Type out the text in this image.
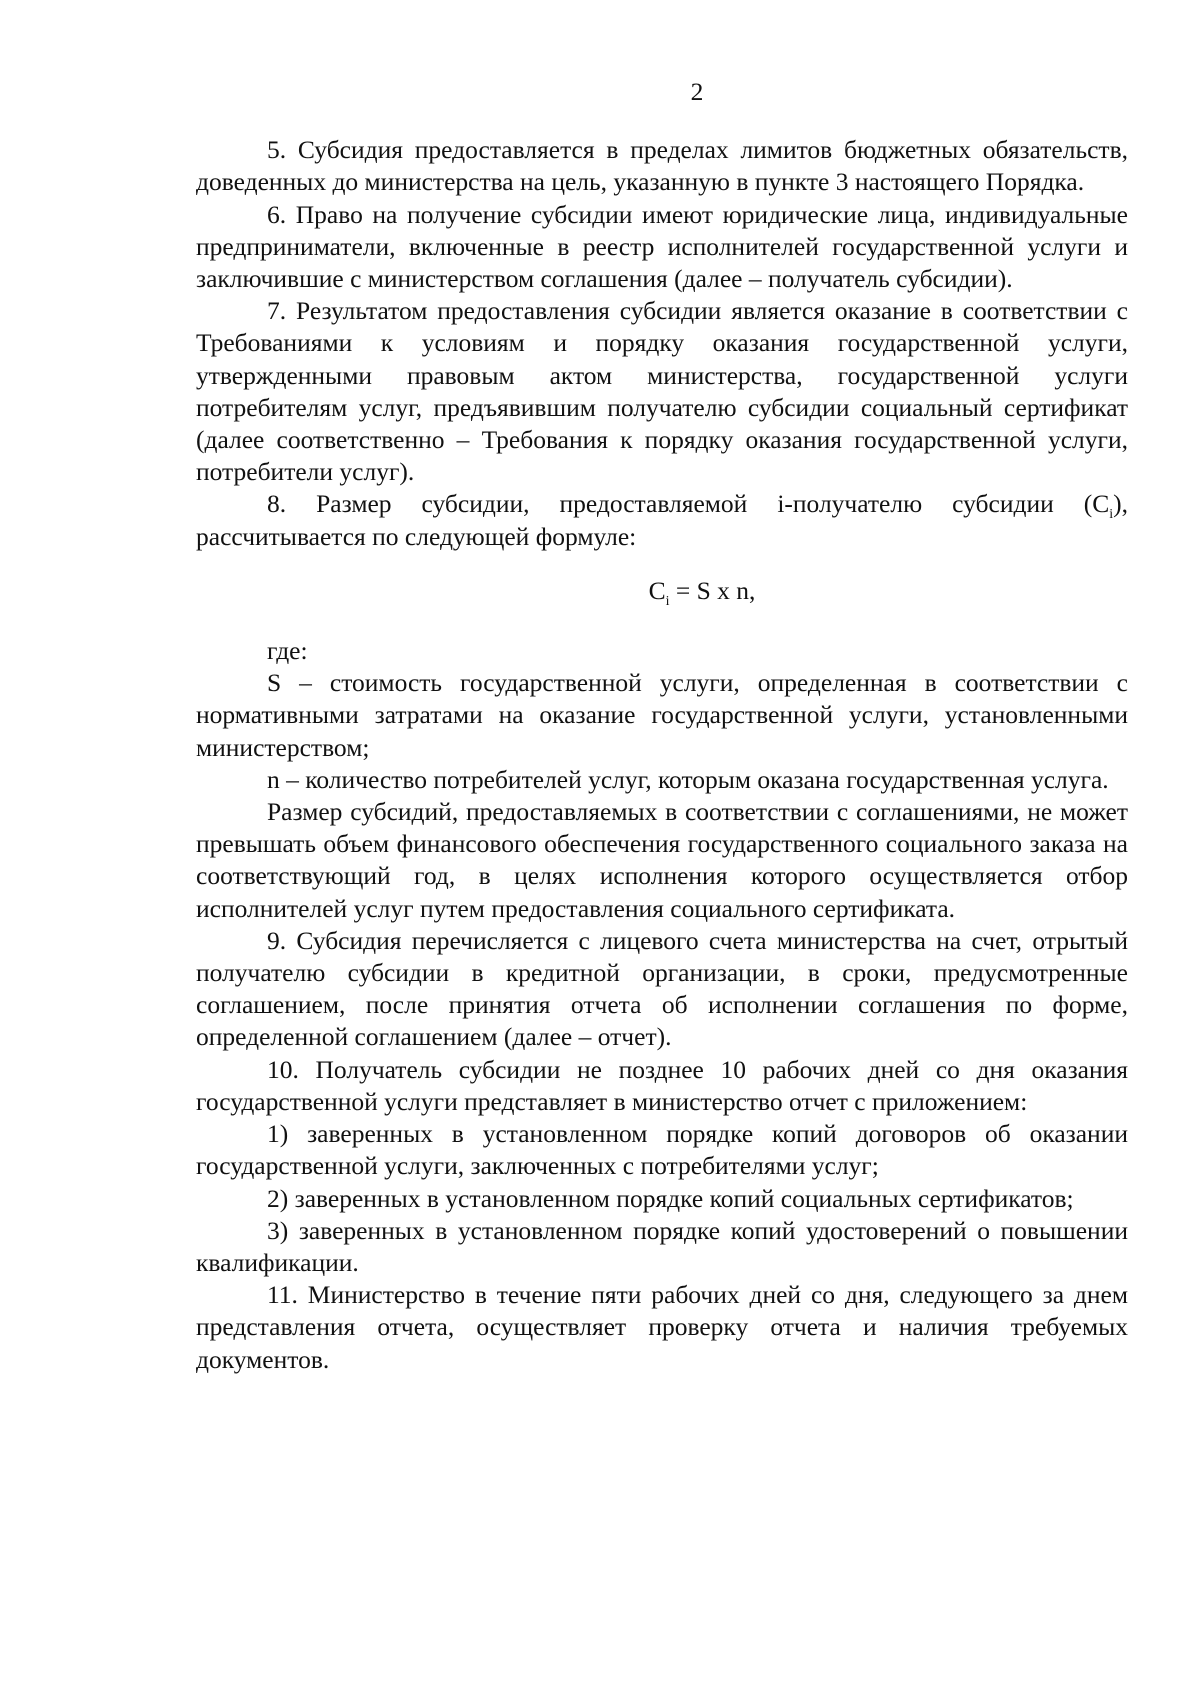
2

5. Субсидия предоставляется в пределах лимитов бюджетных обязательств, доведенных до министерства на цель, указанную в пункте 3 настоящего Порядка.

6. Право на получение субсидии имеют юридические лица, индивидуальные предприниматели, включенные в реестр исполнителей государственной услуги и заключившие с министерством соглашения (далее – получатель субсидии).

7. Результатом предоставления субсидии является оказание в соответствии с Требованиями к условиям и порядку оказания государственной услуги, утвержденными правовым актом министерства, государственной услуги потребителям услуг, предъявившим получателю субсидии социальный сертификат (далее соответственно – Требования к порядку оказания государственной услуги, потребители услуг).

8. Размер субсидии, предоставляемой i-получателю субсидии $(С_i)$, рассчитывается по следующей формуле:

$С_i = S$ x n,

где:

S – стоимость государственной услуги, определенная в соответствии с нормативными затратами на оказание государственной услуги, установленными министерством;

n – количество потребителей услуг, которым оказана государственная услуга.

Размер субсидий, предоставляемых в соответствии с соглашениями, не может превышать объем финансового обеспечения государственного социального заказа на соответствующий год, в целях исполнения которого осуществляется отбор исполнителей услуг путем предоставления социального сертификата.

9. Субсидия перечисляется с лицевого счета министерства на счет, отрытый получателю субсидии в кредитной организации, в сроки, предусмотренные соглашением, после принятия отчета об исполнении соглашения по форме, определенной соглашением (далее – отчет).

10. Получатель субсидии не позднее 10 рабочих дней со дня оказания государственной услуги представляет в министерство отчет с приложением:

1) заверенных в установленном порядке копий договоров об оказании государственной услуги, заключенных с потребителями услуг;

2) заверенных в установленном порядке копий социальных сертификатов;

3) заверенных в установленном порядке копий удостоверений о повышении квалификации.

11. Министерство в течение пяти рабочих дней со дня, следующего за днем представления отчета, осуществляет проверку отчета и наличия требуемых документов.
